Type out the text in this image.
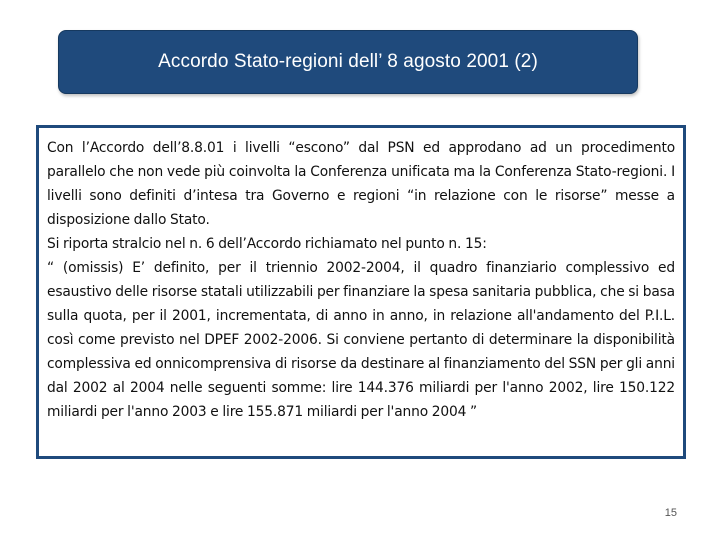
Accordo Stato-regioni dell’ 8 agosto 2001 (2)

Con l’Accordo dell’8.8.01 i livelli “escono” dal PSN ed approdano ad un procedimento parallelo che non vede più coinvolta la Conferenza unificata ma la Conferenza Stato-regioni. I livelli sono definiti d’intesa tra Governo e regioni “in relazione con le risorse” messe a disposizione dallo Stato.

Si riporta stralcio nel n. 6 dell’Accordo richiamato nel punto n. 15:

“ (omissis) E’ definito, per il triennio 2002-2004, il quadro finanziario complessivo ed esaustivo delle risorse statali utilizzabili per finanziare la spesa sanitaria pubblica, che si basa sulla quota, per il 2001, incrementata, di anno in anno, in relazione all'andamento del P.I.L. così come previsto nel DPEF 2002-2006. Si conviene pertanto di determinare la disponibilità complessiva ed onnicomprensiva di risorse da destinare al finanziamento del SSN per gli anni dal 2002 al 2004 nelle seguenti somme: lire 144.376 miliardi per l'anno 2002, lire 150.122 miliardi per l'anno 2003 e lire 155.871 miliardi per l'anno 2004 ”

15
